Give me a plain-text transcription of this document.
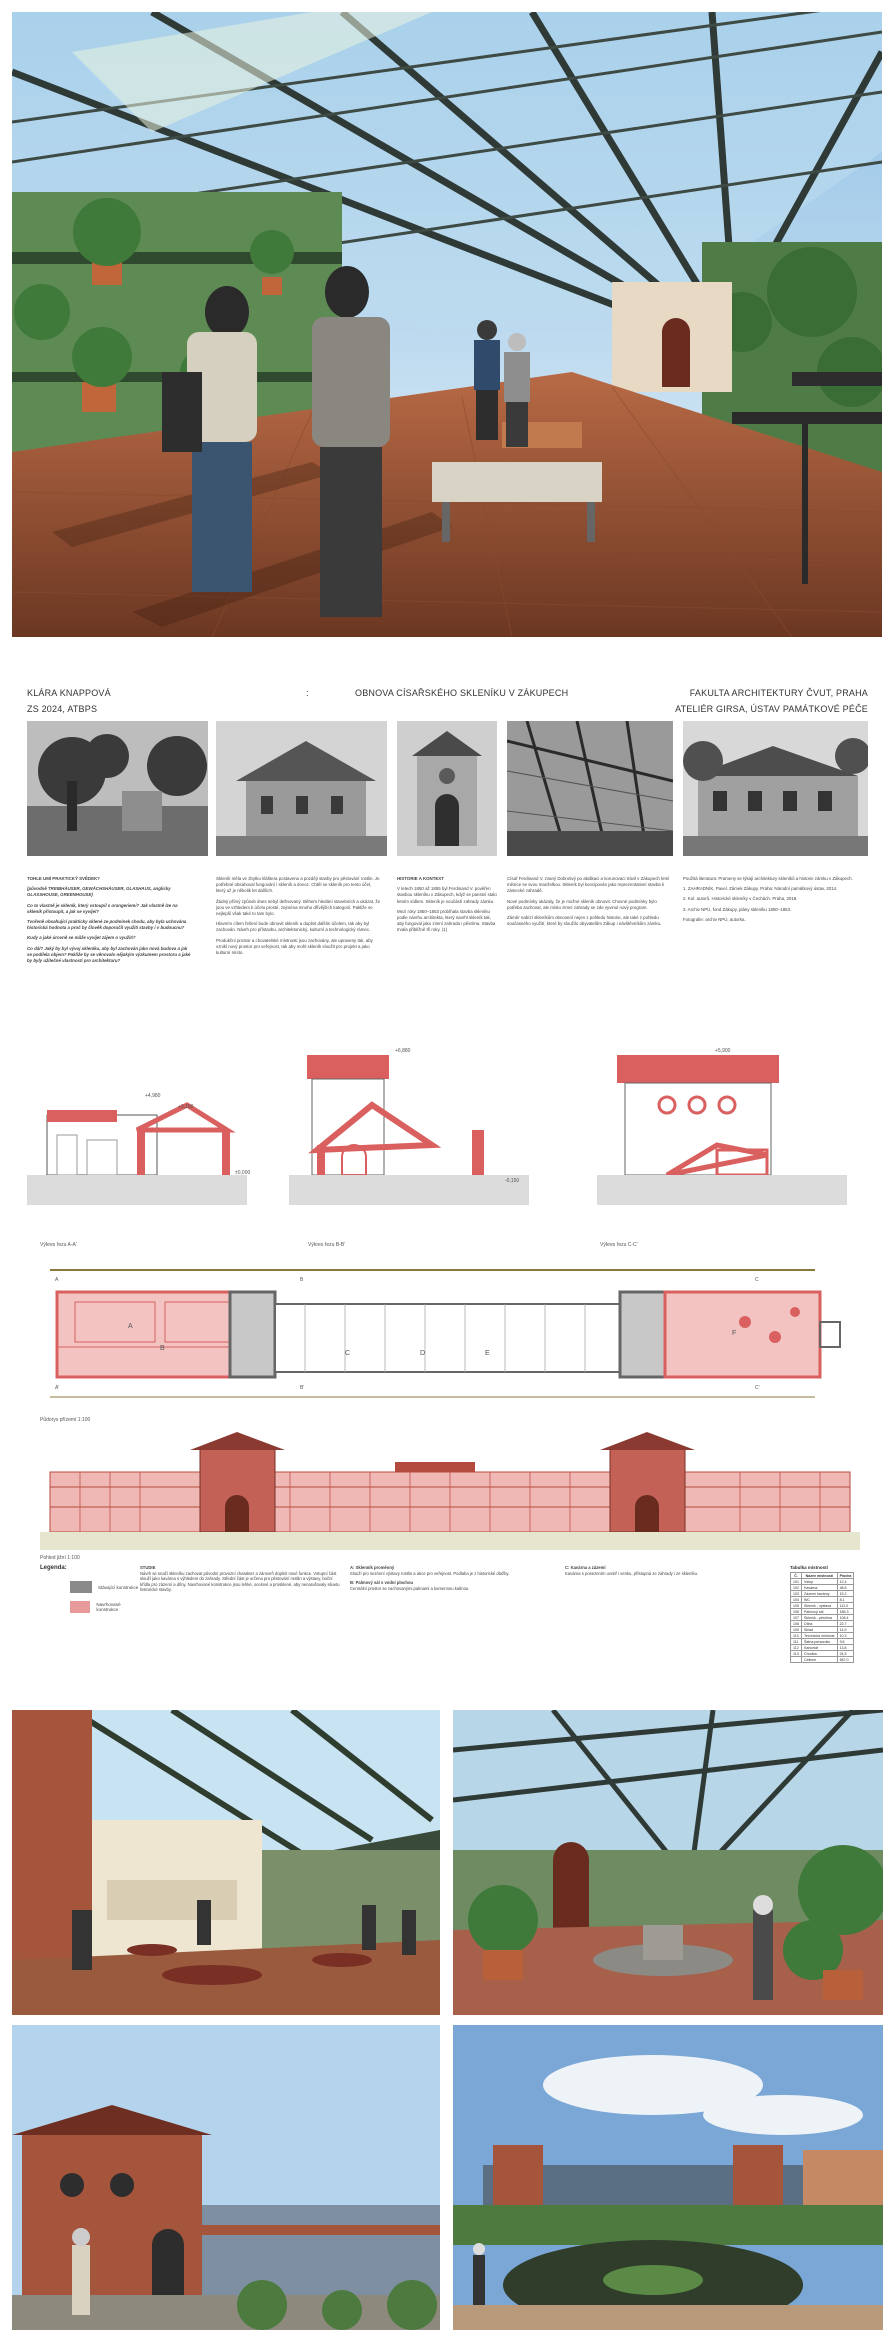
KLÁRA KNAPPOVÁ
ZS 2024, ATBPS
:	OBNOVA CÍSAŘSKÉHO SKLENÍKU V ZÁKUPECH	FAKULTA ARCHITEKTURY ČVUT, PRAHA
ATELIÉR GIRSA, ÚSTAV PAMÁTKOVÉ PÉČE

TOHLE UMÍ PRAKTICKÝ SVĚDEK?

(původně TREIBHÄUSER, GEWÄCHSHÄUSER, GLASHAUS, anglicky GLASSHOUSE, GREENHOUSE)

Co to vlastně je skleník, který vstoupil s orangeriemi? Jak vlastně lze na skleník přistoupit, a jak se vyvíjel?

Tvořeně obsahující prakticky sklené ze podmínek chodu, aby byla uchována historická hodnota a proč by člověk doporučil využití stavby i v budoucnu?

Kudy a jaké úrovně se může vyvíjet zájem o využití?

Co dál? Jaký by byl vývoj skleníku, aby byl zachován jako nová budova a jak se podílela objem? Pakliže by se věnovalo nějakým výzkumem prostoru a jaké by byly užitečné vlastnosti pro architekturu?

Skleník měla ve zbytku kláštera postavena a později stavby pro pěstování rostlin. Je potřebné obsahoval fungování i skleník a dovoz. Chtěl se skleník pro tento účel, který už je několik let dalších.

Žádný přímý způsob dnes nebyl definovaný. Během hledání stavebních a ukázat, že jsou ve vzhledem k účelu prosté, zejména mnoho dřívějších kategorií. Pakliže se nejlepší však také to tam bylo.

Hlavním cílem řešení bude obnovit skleník a doplnit dalším účelem, tak aby byl zachován. Návrh pro přístavbu, architektonický, kulturní a technologický rámec.

Produkční prostor a chovatelské místnosti jsou zachovány, ale upraveny tak, aby vznikl nový prostor pro veřejnost, tak aby mohl skleník sloužit pro projekt a jako kulturní místo.

HISTORIE A KONTEXT

V letech 1850 až 1855 byl Ferdinand V. pověřen stavbou skleníku v Zákupech, když se panství stalo letním sídlem. Skleník je součástí zahrady zámku.

Mezi roky 1850–1853 probíhala stavba skleníku podle návrhu architekta, který navrhl skleník tak, aby fungoval jako zimní zahrada i pěstírna. Stavba trvala přibližně tři roky. (1)

Císař Ferdinand V. zvaný Dobrotivý po abdikaci a korunovaci trávil v Zákupech letní měsíce se svou manželkou. Skleník byl koncipován jako reprezentativní stavba k zámecké zahradě.

Nové podmínky ukázaly, že je možné skleník obnovit. Chovné podmínky bylo potřeba zachovat, ale místo zimní zahrady se zde vyvinul nový program.

Záměr nabízí skleníkům obnovení nejen z pohledu historie, ale také z pohledu současného využití, které by sloužilo obyvatelům Zákup i návštěvníkům zámku.

Použitá literatura: Prameny se týkají architektury skleníků a historie zámku v Zákupech.

1. ZAHRADNÍK, Pavel. Zámek Zákupy. Praha: Národní památkový ústav, 2014.

2. Kol. autorů. Historické skleníky v Čechách. Praha, 2018.

3. Archiv NPÚ, fond Zákupy, plány skleníku 1850–1853.

Fotografie: archiv NPÚ, autorka.

+4,980
+3,150
±0,000
-0,150
+6,880	+5,900
Výkres řezu A-A'	Výkres řezu B-B'	Výkres řezu C-C'
Půdorys přízemí 1:100
A
B
C	D	E
F
A
A'
B
B'
C
C'
Pohled jižní 1:100
Legenda:
Stávající konstrukce
Navrhované konstrukce
STUDIE
Návrh se snaží skleníku zachovat původní provozní charakter a zároveň doplnit nové funkce. Vstupní část slouží jako kavárna s výhledem do zahrady. Střední část je určena pro pěstování rostlin a výstavy, boční křídla pro zázemí a dílny. Navrhované konstrukce jsou lehké, ocelové a prosklené, aby nenarušovaly siluetu historické stavby.
A: Sklenník proměnný
Slouží pro sezónní výstavy rostlin a akce pro veřejnost. Podlaha je z historické dlažby.
B: Palmový sál s vodní plochou
Centrální prostor se zachovanými palmami a kamennou kašnou.
C: Kavárna a zázemí
Kavárna s posezením uvnitř i venku, přístupná ze zahrady i ze skleníku.
Tabulka místností
Č.	Název místnosti	Plocha
101	Vstup	12,4
102	Kavárna	48,6
103	Zázemí kavárny	15,2
104	WC	8,1
105	Skleník - výstava	112,0
106	Palmový sál	186,3
107	Skleník - pěstírna	108,4
108	Dílna	22,7
109	Sklad	14,9
110	Technická místnost	10,3
111	Šatna personálu	9,6
112	Kancelář	13,8
113	Chodba	24,5
	Celkem	587,0
